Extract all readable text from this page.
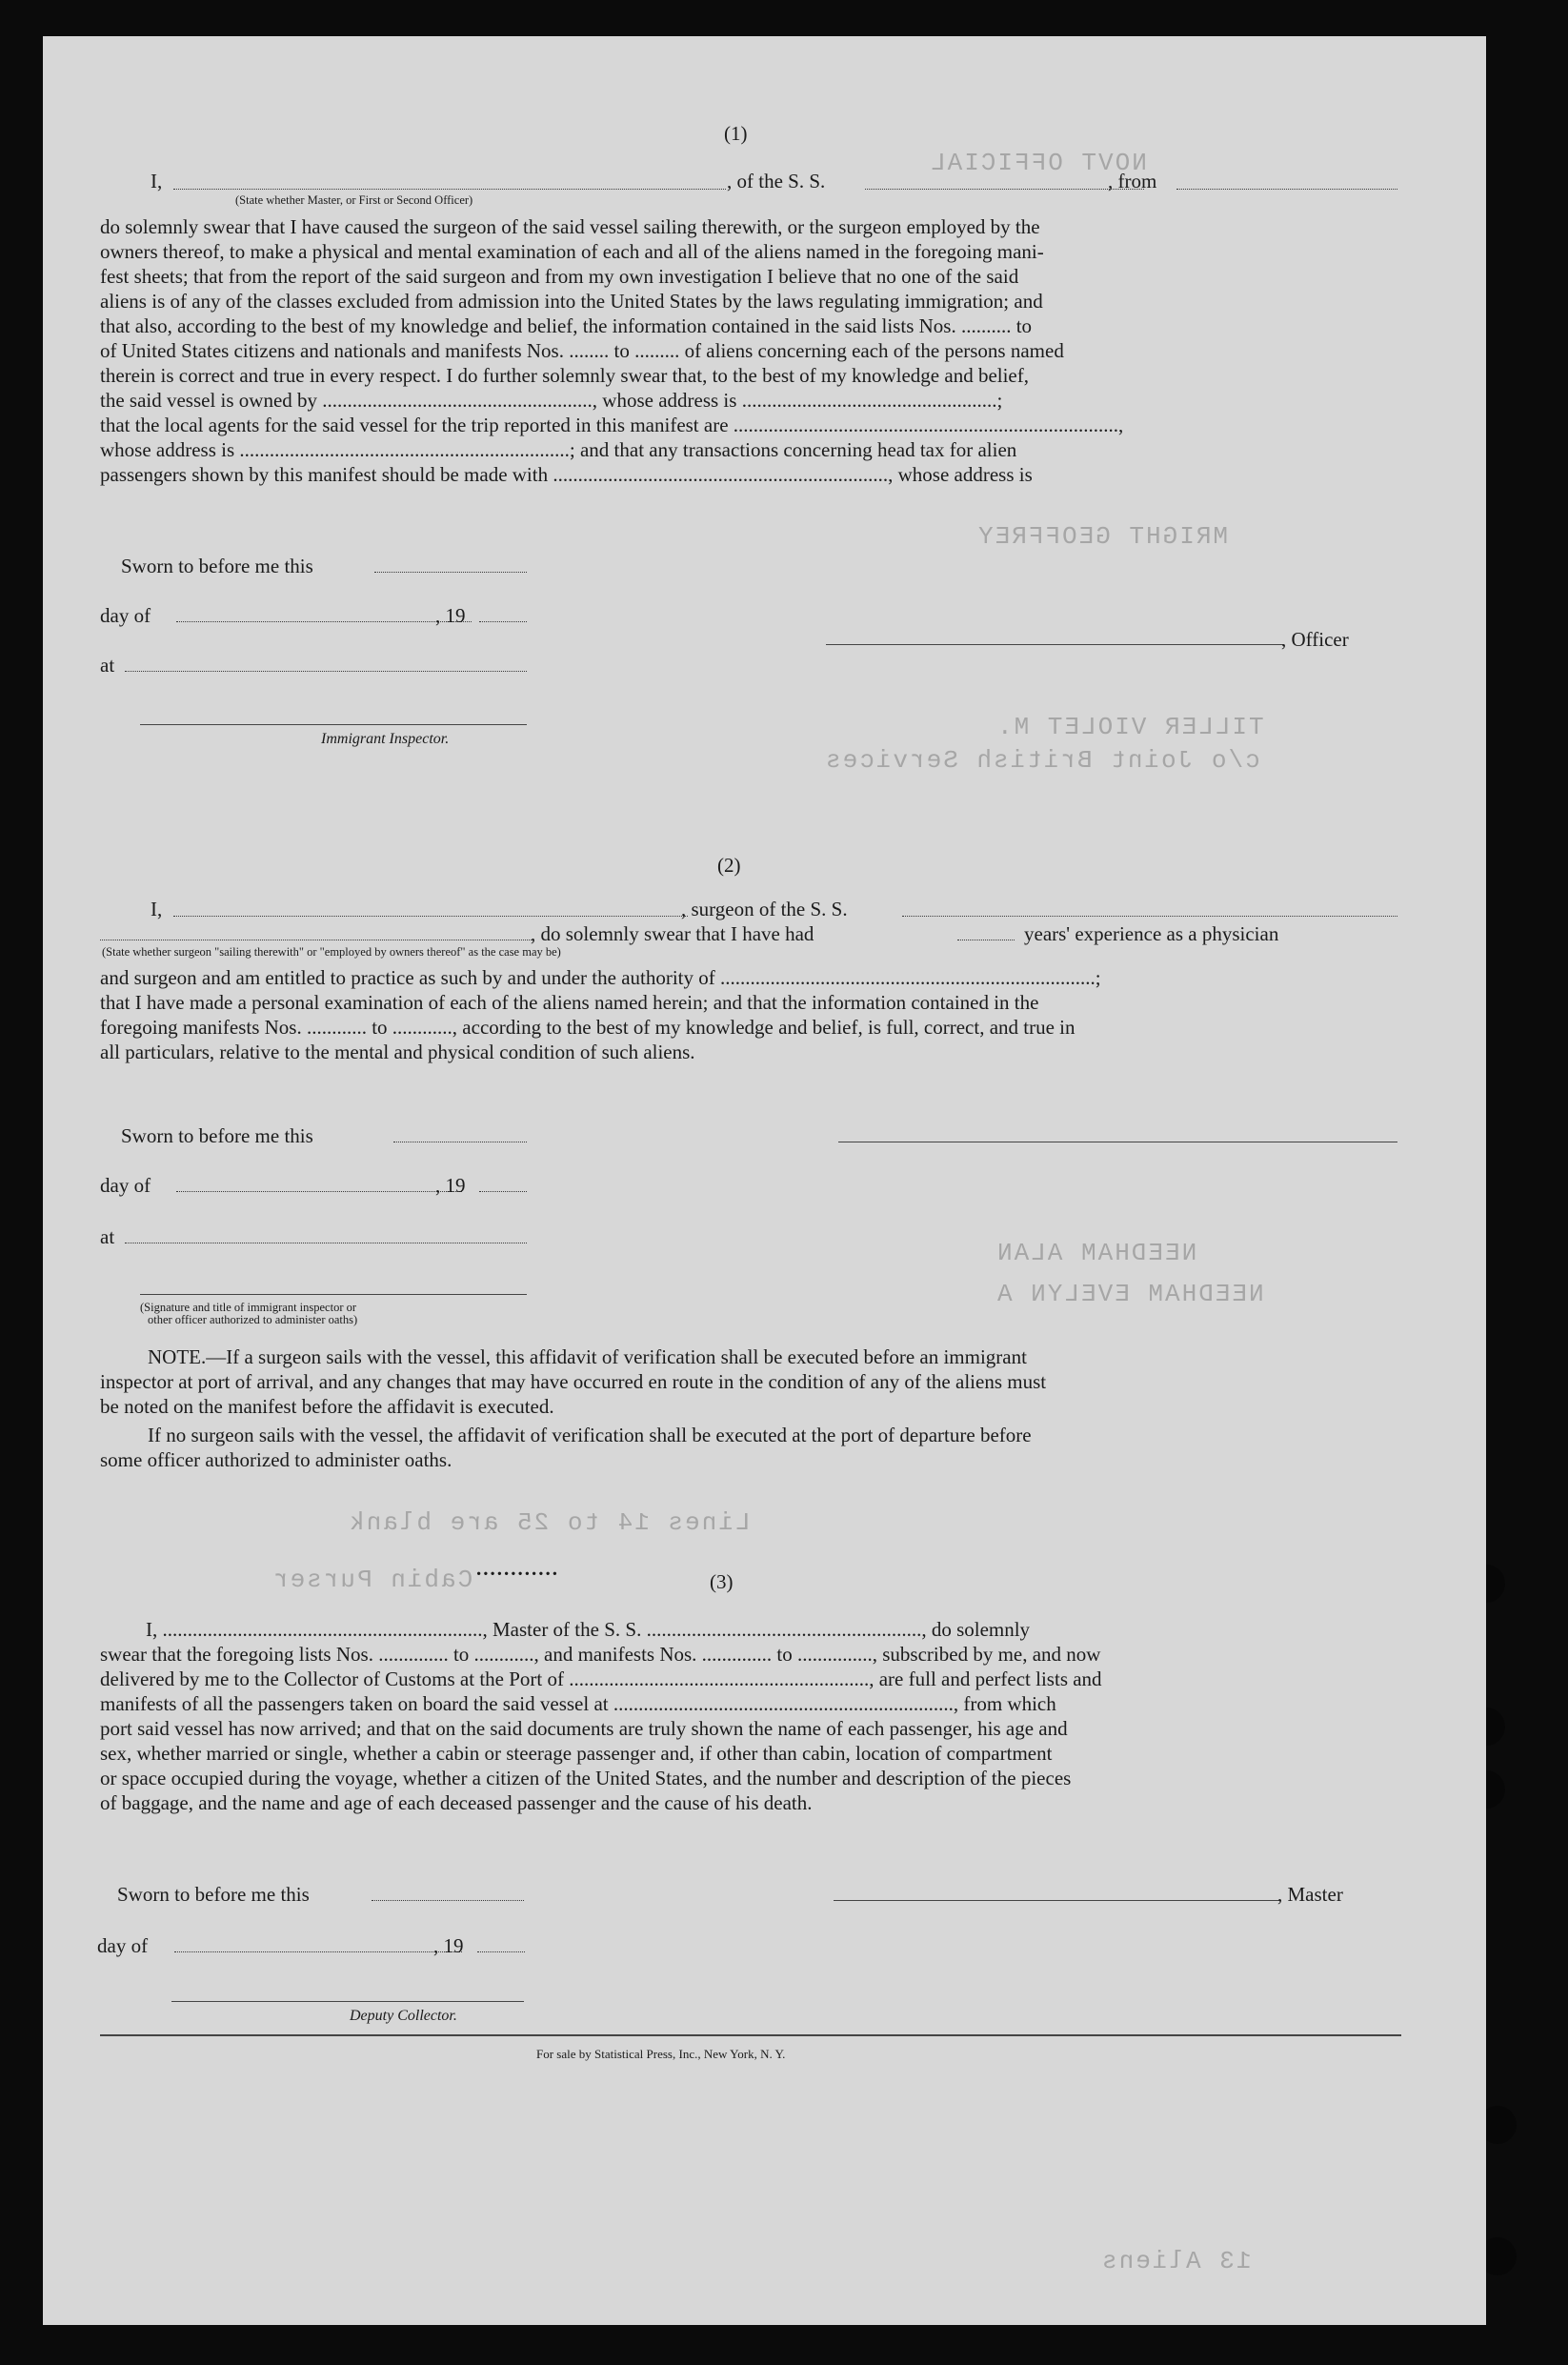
NOVT OFFICIAL
MRIGHT GEOFFREY
TILLER VIOLET M.
c/o Joint British Services
NEEDHAM ALAN
NEEDHAM EVELYN A
Lines 14 to 25 are blank
Cabin Purser
13 Aliens
(1)
I,
(State whether Master, or First or Second Officer)
, of the S. S.	, from
do solemnly swear that I have caused the surgeon of the said vessel sailing therewith, or the surgeon employed by the
owners thereof, to make a physical and mental examination of each and all of the aliens named in the foregoing mani-
fest sheets; that from the report of the said surgeon and from my own investigation I believe that no one of the said
aliens is of any of the classes excluded from admission into the United States by the laws regulating immigration; and
that also, according to the best of my knowledge and belief, the information contained in the said lists Nos. .......... to
of United States citizens and nationals and manifests Nos. ........ to ......... of aliens concerning each of the persons named
therein is correct and true in every respect. I do further solemnly swear that, to the best of my knowledge and belief,
the said vessel is owned by ......................................................, whose address is ...................................................;
that the local agents for the said vessel for the trip reported in this manifest are .............................................................................,
whose address is ..................................................................; and that any transactions concerning head tax for alien
passengers shown by this manifest should be made with ..................................................................., whose address is
Sworn to before me this
day of	, 19
at
, Officer
Immigrant Inspector.
(2)
I,	, surgeon of the S. S.
, do solemnly swear that I have had	years' experience as a physician
(State whether surgeon "sailing therewith" or "employed by owners thereof" as the case may be)
and surgeon and am entitled to practice as such by and under the authority of ...........................................................................;
that I have made a personal examination of each of the aliens named herein; and that the information contained in the
foregoing manifests Nos. ............ to ............, according to the best of my knowledge and belief, is full, correct, and true in
all particulars, relative to the mental and physical condition of such aliens.
Sworn to before me this
day of	, 19
at
(Signature and title of immigrant inspector or
other officer authorized to administer oaths)
NOTE.—If a surgeon sails with the vessel, this affidavit of verification shall be executed before an immigrant
inspector at port of arrival, and any changes that may have occurred en route in the condition of any of the aliens must
be noted on the manifest before the affidavit is executed.
If no surgeon sails with the vessel, the affidavit of verification shall be executed at the port of departure before
some officer authorized to administer oaths.
............
(3)
I, ................................................................, Master of the S. S. ......................................................., do solemnly
swear that the foregoing lists Nos. .............. to ............, and manifests Nos. .............. to ..............., subscribed by me, and now
delivered by me to the Collector of Customs at the Port of ............................................................, are full and perfect lists and
manifests of all the passengers taken on board the said vessel at ...................................................................., from which
port said vessel has now arrived; and that on the said documents are truly shown the name of each passenger, his age and
sex, whether married or single, whether a cabin or steerage passenger and, if other than cabin, location of compartment
or space occupied during the voyage, whether a citizen of the United States, and the number and description of the pieces
of baggage, and the name and age of each deceased passenger and the cause of his death.
Sworn to before me this	, Master
day of	, 19
Deputy Collector.
For sale by Statistical Press, Inc., New York, N. Y.
